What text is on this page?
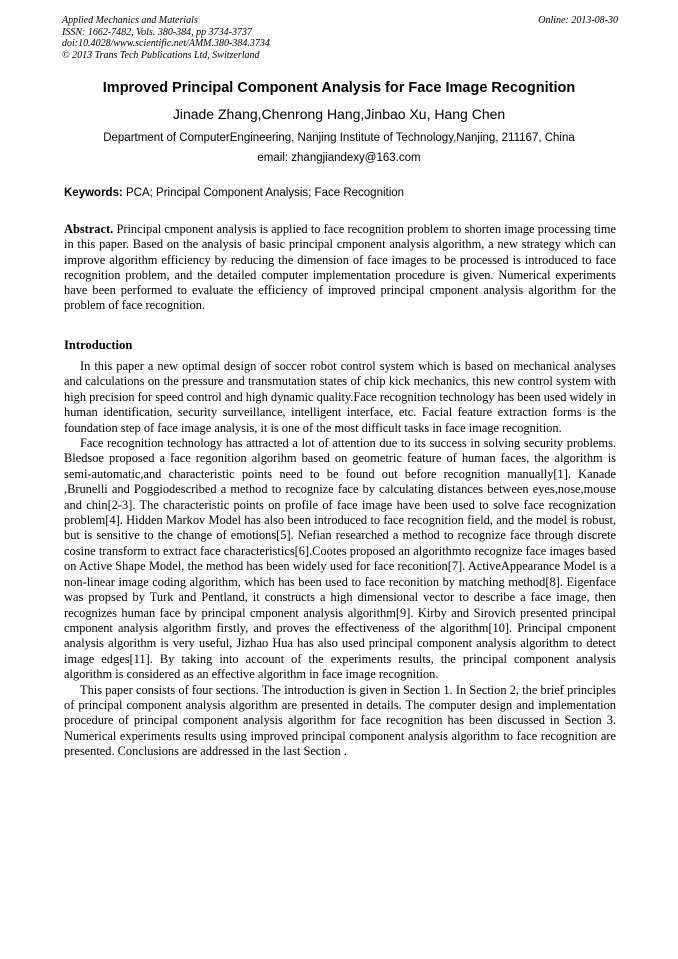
Applied Mechanics and Materials
ISSN: 1662-7482, Vols. 380-384, pp 3734-3737
doi:10.4028/www.scientific.net/AMM.380-384.3734
© 2013 Trans Tech Publications Ltd, Switzerland
Online: 2013-08-30
Improved Principal Component Analysis for Face Image Recognition
Jinade Zhang,Chenrong Hang,Jinbao Xu, Hang Chen
Department of ComputerEngineering, Nanjing Institute of Technology,Nanjing, 211167, China
email: zhangjiandexy@163.com
Keywords: PCA; Principal Component Analysis; Face Recognition
Abstract. Principal cmponent analysis is applied to face recognition problem to shorten image processing time in this paper. Based on the analysis of basic principal cmponent analysis algorithm, a new strategy which can improve algorithm efficiency by reducing the dimension of face images to be processed is introduced to face recognition problem, and the detailed computer implementation procedure is given. Numerical experiments have been performed to evaluate the efficiency of improved principal cmponent analysis algorithm for the problem of face recognition.
Introduction

In this paper a new optimal design of soccer robot control system which is based on mechanical analyses and calculations on the pressure and transmutation states of chip kick mechanics, this new control system with high precision for speed control and high dynamic quality.Face recognition technology has been used widely in human identification, security surveillance, intelligent interface, etc. Facial feature extraction forms is the foundation step of face image analysis, it is one of the most difficult tasks in face image recognition.

Face recognition technology has attracted a lot of attention due to its success in solving security problems. Bledsoe proposed a face regonition algorihm based on geometric feature of human faces, the algorithm is semi-automatic,and characteristic points need to be found out before recognition manually[1]. Kanade ,Brunelli and Poggiodescribed a method to recognize face by calculating distances between eyes,nose,mouse and chin[2-3]. The characteristic points on profile of face image have been used to solve face recognization problem[4]. Hidden Markov Model has also been introduced to face recognition field, and the model is robust, but is sensitive to the change of emotions[5]. Nefian researched a method to recognize face through discrete cosine transform to extract face characteristics[6].Cootes proposed an algorithmto recognize face images based on Active Shape Model, the method has been widely used for face reconition[7]. ActiveAppearance Model is a non-linear image coding algorithm, which has been used to face reconition by matching method[8]. Eigenface was propsed by Turk and Pentland, it constructs a high dimensional vector to describe a face image, then recognizes human face by principal cmponent analysis algorithm[9]. Kirby and Sirovich presented principal cmponent analysis algorithm firstly, and proves the effectiveness of the algorithm[10]. Principal cmponent analysis algorithm is very useful, Jizhao Hua has also used principal component analysis algorithm to detect image edges[11]. By taking into account of the experiments results, the principal component analysis algorithm is considered as an effective algorithm in face image recognition.

This paper consists of four sections. The introduction is given in Section 1. In Section 2, the brief principles of principal component analysis algorithm are presented in details. The computer design and implementation procedure of principal component analysis algorithm for face recognition has been discussed in Section 3. Numerical experiments results using improved principal component analysis algorithm to face recognition are presented. Conclusions are addressed in the last Section .
